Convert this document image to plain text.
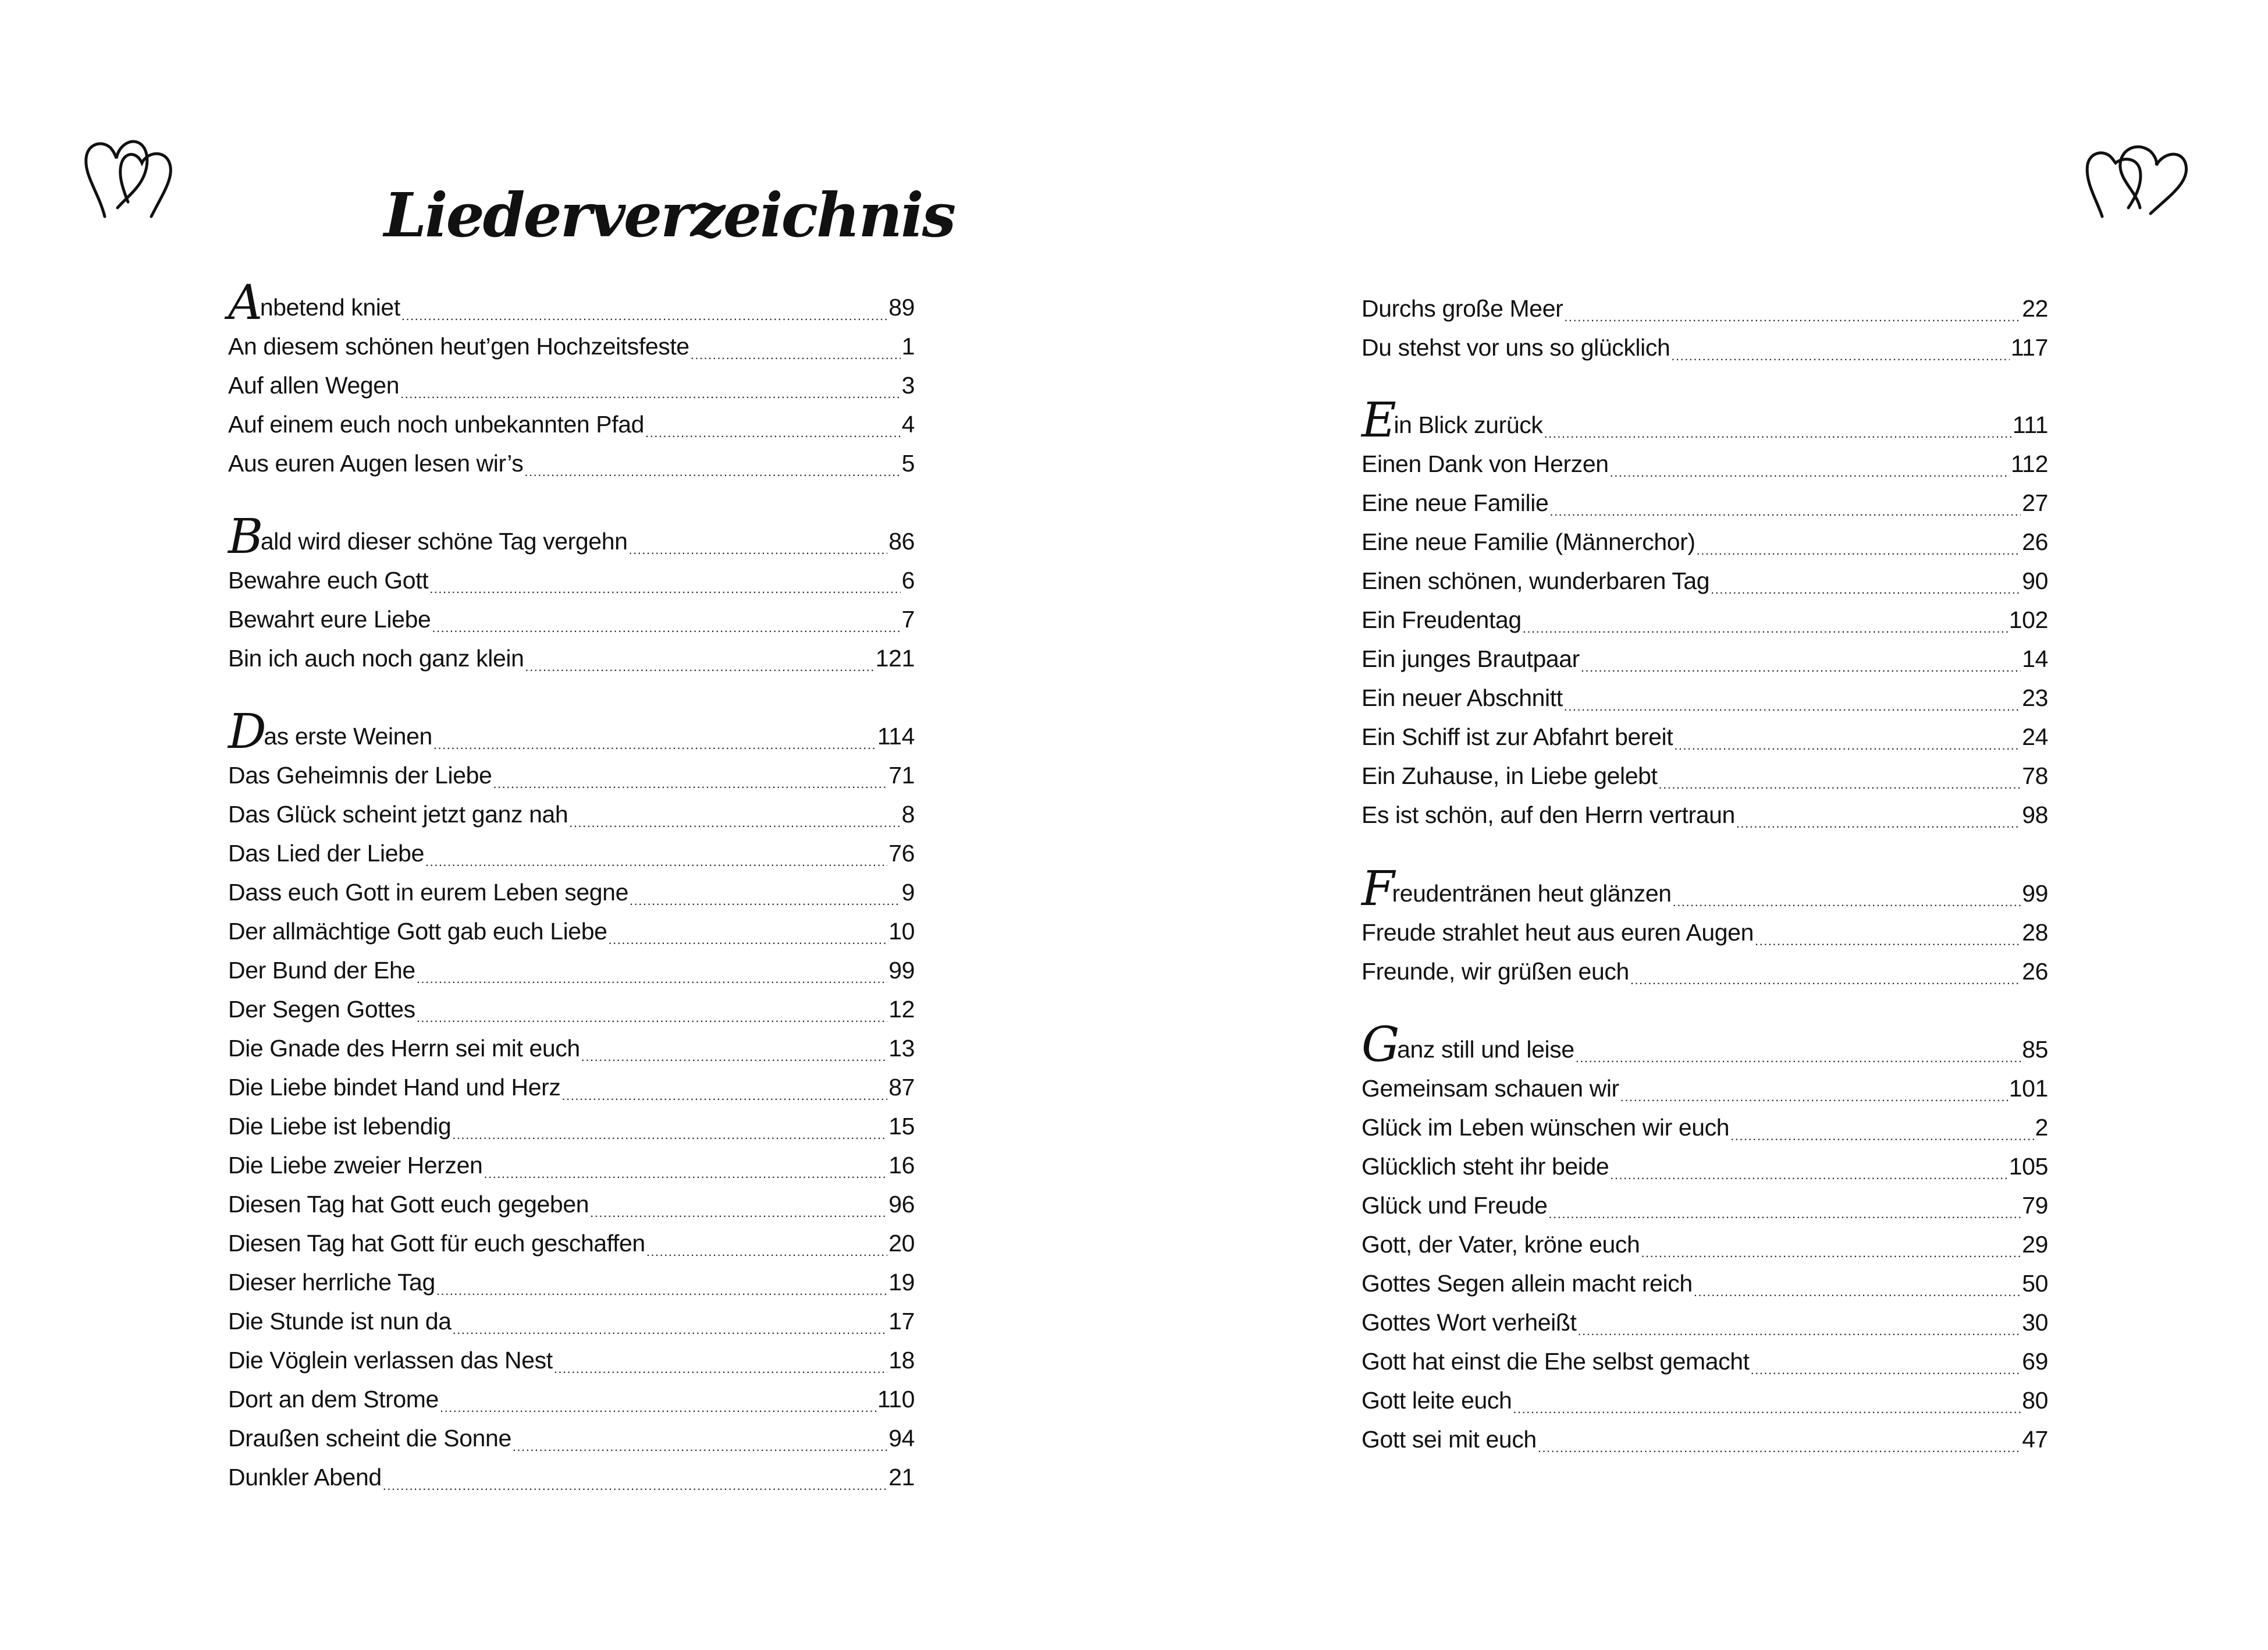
Liederverzeichnis
Anbetend kniet .....	89
An diesem schönen heut’gen Hochzeitsfeste .....	1
Auf allen Wegen .....	3
Auf einem euch noch unbekannten Pfad .....	4
Aus euren Augen lesen wir’s .....	5
Bald wird dieser schöne Tag vergehn .....	86
Bewahre euch Gott .....	6
Bewahrt eure Liebe .....	7
Bin ich auch noch ganz klein .....	121
Das erste Weinen .....	114
Das Geheimnis der Liebe .....	71
Das Glück scheint jetzt ganz nah .....	8
Das Lied der Liebe .....	76
Dass euch Gott in eurem Leben segne .....	9
Der allmächtige Gott gab euch Liebe .....	10
Der Bund der Ehe .....	99
Der Segen Gottes .....	12
Die Gnade des Herrn sei mit euch .....	13
Die Liebe bindet Hand und Herz .....	87
Die Liebe ist lebendig .....	15
Die Liebe zweier Herzen .....	16
Diesen Tag hat Gott euch gegeben .....	96
Diesen Tag hat Gott für euch geschaffen .....	20
Dieser herrliche Tag .....	19
Die Stunde ist nun da .....	17
Die Vöglein verlassen das Nest .....	18
Dort an dem Strome .....	110
Draußen scheint die Sonne .....	94
Dunkler Abend .....	21
Durchs große Meer .....	22
Du stehst vor uns so glücklich .....	117
Ein Blick zurück .....	111
Einen Dank von Herzen .....	112
Eine neue Familie .....	27
Eine neue Familie (Männerchor) .....	26
Einen schönen, wunderbaren Tag .....	90
Ein Freudentag .....	102
Ein junges Brautpaar .....	14
Ein neuer Abschnitt .....	23
Ein Schiff ist zur Abfahrt bereit .....	24
Ein Zuhause, in Liebe gelebt .....	78
Es ist schön, auf den Herrn vertraun .....	98
Freudentränen heut glänzen .....	99
Freude strahlet heut aus euren Augen .....	28
Freunde, wir grüßen euch .....	26
Ganz still und leise .....	85
Gemeinsam schauen wir .....	101
Glück im Leben wünschen wir euch .....	2
Glücklich steht ihr beide .....	105
Glück und Freude .....	79
Gott, der Vater, kröne euch .....	29
Gottes Segen allein macht reich .....	50
Gottes Wort verheißt .....	30
Gott hat einst die Ehe selbst gemacht .....	69
Gott leite euch .....	80
Gott sei mit euch .....	47
